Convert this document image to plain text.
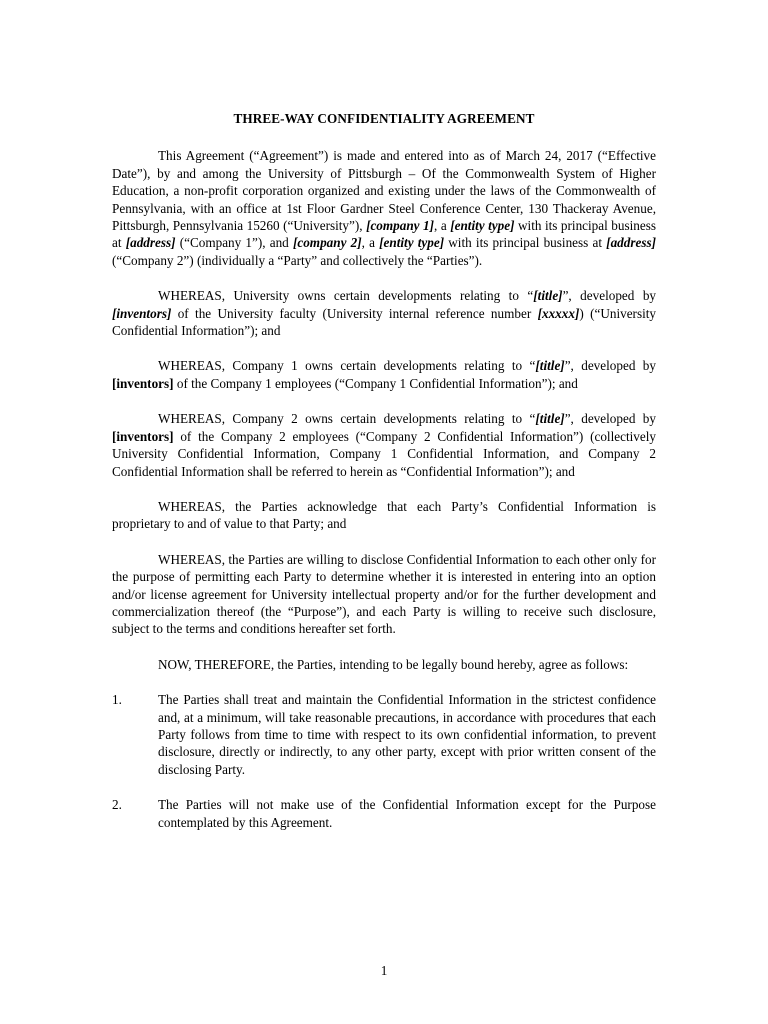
THREE-WAY CONFIDENTIALITY AGREEMENT

This Agreement (“Agreement”) is made and entered into as of March 24, 2017 (“Effective Date”), by and among the University of Pittsburgh – Of the Commonwealth System of Higher Education, a non-profit corporation organized and existing under the laws of the Commonwealth of Pennsylvania, with an office at 1st Floor Gardner Steel Conference Center, 130 Thackeray Avenue, Pittsburgh, Pennsylvania 15260 (“University”), [company 1], a [entity type] with its principal business at [address] (“Company 1”), and [company 2], a [entity type] with its principal business at [address] (“Company 2”) (individually a “Party” and collectively the “Parties”).

WHEREAS, University owns certain developments relating to “[title]”, developed by [inventors] of the University faculty (University internal reference number [xxxxx]) (“University Confidential Information”); and

WHEREAS, Company 1 owns certain developments relating to “[title]”, developed by [inventors] of the Company 1 employees (“Company 1 Confidential Information”); and

WHEREAS, Company 2 owns certain developments relating to “[title]”, developed by [inventors] of the Company 2 employees (“Company 2 Confidential Information”) (collectively University Confidential Information, Company 1 Confidential Information, and Company 2 Confidential Information shall be referred to herein as “Confidential Information”); and

WHEREAS, the Parties acknowledge that each Party’s Confidential Information is proprietary to and of value to that Party; and

WHEREAS, the Parties are willing to disclose Confidential Information to each other only for the purpose of permitting each Party to determine whether it is interested in entering into an option and/or license agreement for University intellectual property and/or for the further development and commercialization thereof (the “Purpose”), and each Party is willing to receive such disclosure, subject to the terms and conditions hereafter set forth.

NOW, THEREFORE, the Parties, intending to be legally bound hereby, agree as follows:

1.	The Parties shall treat and maintain the Confidential Information in the strictest confidence and, at a minimum, will take reasonable precautions, in accordance with procedures that each Party follows from time to time with respect to its own confidential information, to prevent disclosure, directly or indirectly, to any other party, except with prior written consent of the disclosing Party.
2.	The Parties will not make use of the Confidential Information except for the Purpose contemplated by this Agreement.
1
